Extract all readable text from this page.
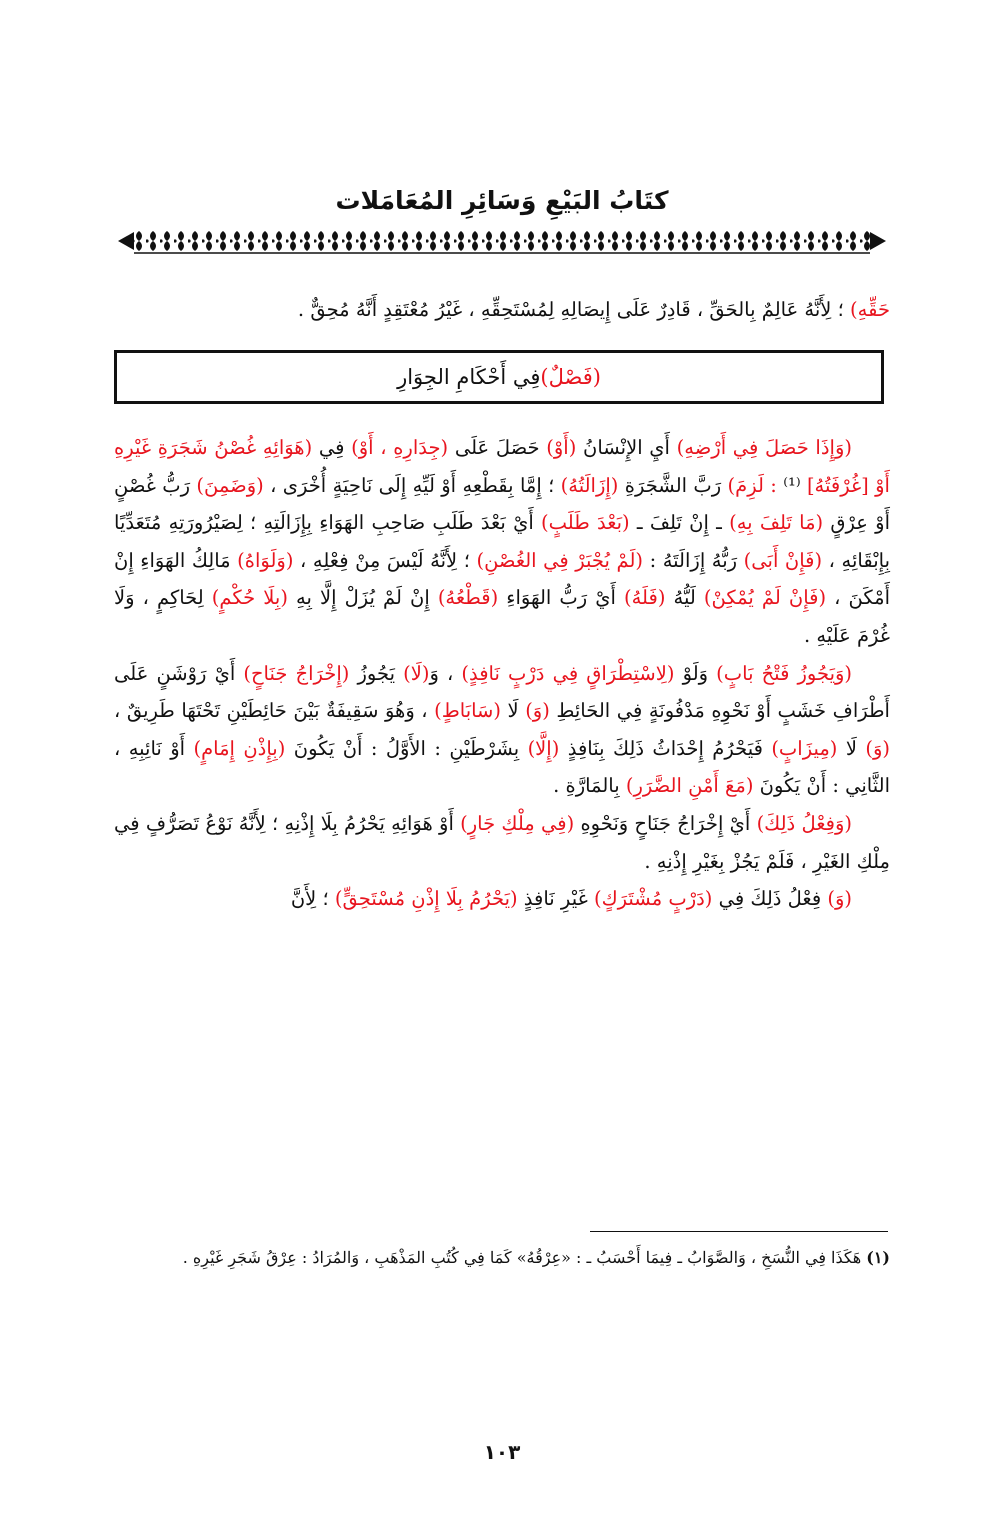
كتَابُ البَيْعِ وَسَائِرِ المُعَامَلات

حَقِّهِ) ؛ لِأَنَّهُ عَالِمٌ بِالحَقِّ ، قَادِرٌ عَلَى إِيصَالِهِ لِمُسْتَحِقِّهِ ، غَيْرُ مُعْتَقِدٍ أَنَّهُ مُحِقٌّ .

(فَصْلٌ)
فِي أَحْكَامِ الجِوَارِ

(وَإِذَا حَصَلَ فِي أَرْضِهِ) أَيِ الإِنْسَانُ (أَوْ) حَصَلَ عَلَى (جِدَارِهِ ، أَوْ) فِي (هَوَائِهِ غُصْنُ شَجَرَةِ غَيْرِهِ أَوْ [غُرْفَتُهُ] ⁽¹⁾ : لَزِمَ) رَبَّ الشَّجَرَةِ (إِزَالَتُهُ) ؛ إِمَّا بِقَطْعِهِ أَوْ لَيِّهِ إِلَى نَاحِيَةٍ أُخْرَى ، (وَضَمِنَ) رَبُّ غُصْنٍ أَوْ عِرْقٍ (مَا تَلِفَ بِهِ) ـ إِنْ تَلِفَ ـ (بَعْدَ طَلَبٍ) أَيْ بَعْدَ طَلَبِ صَاحِبِ الهَوَاءِ بِإِزَالَتِهِ ؛ لِصَيْرُورَتِهِ مُتَعَدِّيًا بِإِبْقَائِهِ ، (فَإِنْ أَبَى) رَبُّهُ إِزَالَتَهُ : (لَمْ يُجْبَرْ فِي الغُصْنِ) ؛ لِأَنَّهُ لَيْسَ مِنْ فِعْلِهِ ، (وَلَوَاهُ) مَالِكُ الهَوَاءِ إِنْ أَمْكَنَ ، (فَإِنْ لَمْ يُمْكِنْ) لَيُّهُ (فَلَهُ) أَيْ رَبُّ الهَوَاءِ (قَطْعُهُ) إِنْ لَمْ يُزَلْ إِلَّا بِهِ (بِلَا حُكْمٍ) لِحَاكِمٍ ، وَلَا غُرْمَ عَلَيْهِ .

(وَيَجُوزُ فَتْحُ بَابٍ) وَلَوْ (لِاسْتِطْرَاقٍ فِي دَرْبٍ نَافِذٍ) ، وَ(لَا) يَجُوزُ (إِخْرَاجُ جَنَاحٍ) أَيْ رَوْشَنٍ عَلَى أَطْرَافِ خَشَبٍ أَوْ نَحْوِهِ مَدْفُونَةٍ فِي الحَائِطِ (وَ) لَا (سَابَاطٍ) ، وَهُوَ سَقِيفَةٌ بَيْنَ حَائِطَيْنِ تَحْتَهَا طَرِيقٌ ، (وَ) لَا (مِيزَابٍ) فَيَحْرُمُ إِحْدَاثُ ذَلِكَ بِنَافِذٍ (إِلَّا) بِشَرْطَيْنِ : الأَوَّلُ : أَنْ يَكُونَ (بِإِذْنِ إِمَامٍ) أَوْ نَائِبِهِ ، الثَّانِي : أَنْ يَكُونَ (مَعَ أَمْنِ الضَّرَرِ) بِالمَارَّةِ .

(وَفِعْلُ ذَلِكَ) أَيْ إِخْرَاجُ جَنَاحٍ وَنَحْوِهِ (فِي مِلْكِ جَارٍ) أَوْ هَوَائِهِ يَحْرُمُ بِلَا إِذْنِهِ ؛ لِأَنَّهُ نَوْعُ تَصَرُّفٍ فِي مِلْكِ الغَيْرِ ، فَلَمْ يَجُزْ بِغَيْرِ إِذْنِهِ .

(وَ) فِعْلُ ذَلِكَ فِي (دَرْبٍ مُشْتَرَكٍ) غَيْرِ نَافِذٍ (يَحْرُمُ بِلَا إِذْنِ مُسْتَحِقٍّ) ؛ لِأَنَّ

(١) هَكَذَا فِي النُّسَخِ ، وَالصَّوَابُ ـ فِيمَا أَحْسَبُ ـ : «عِرْقُهُ» كَمَا فِي كُتُبِ المَذْهَبِ ، وَالمُرَادُ : عِرْقُ شَجَرِ غَيْرِهِ .
١٠٣
